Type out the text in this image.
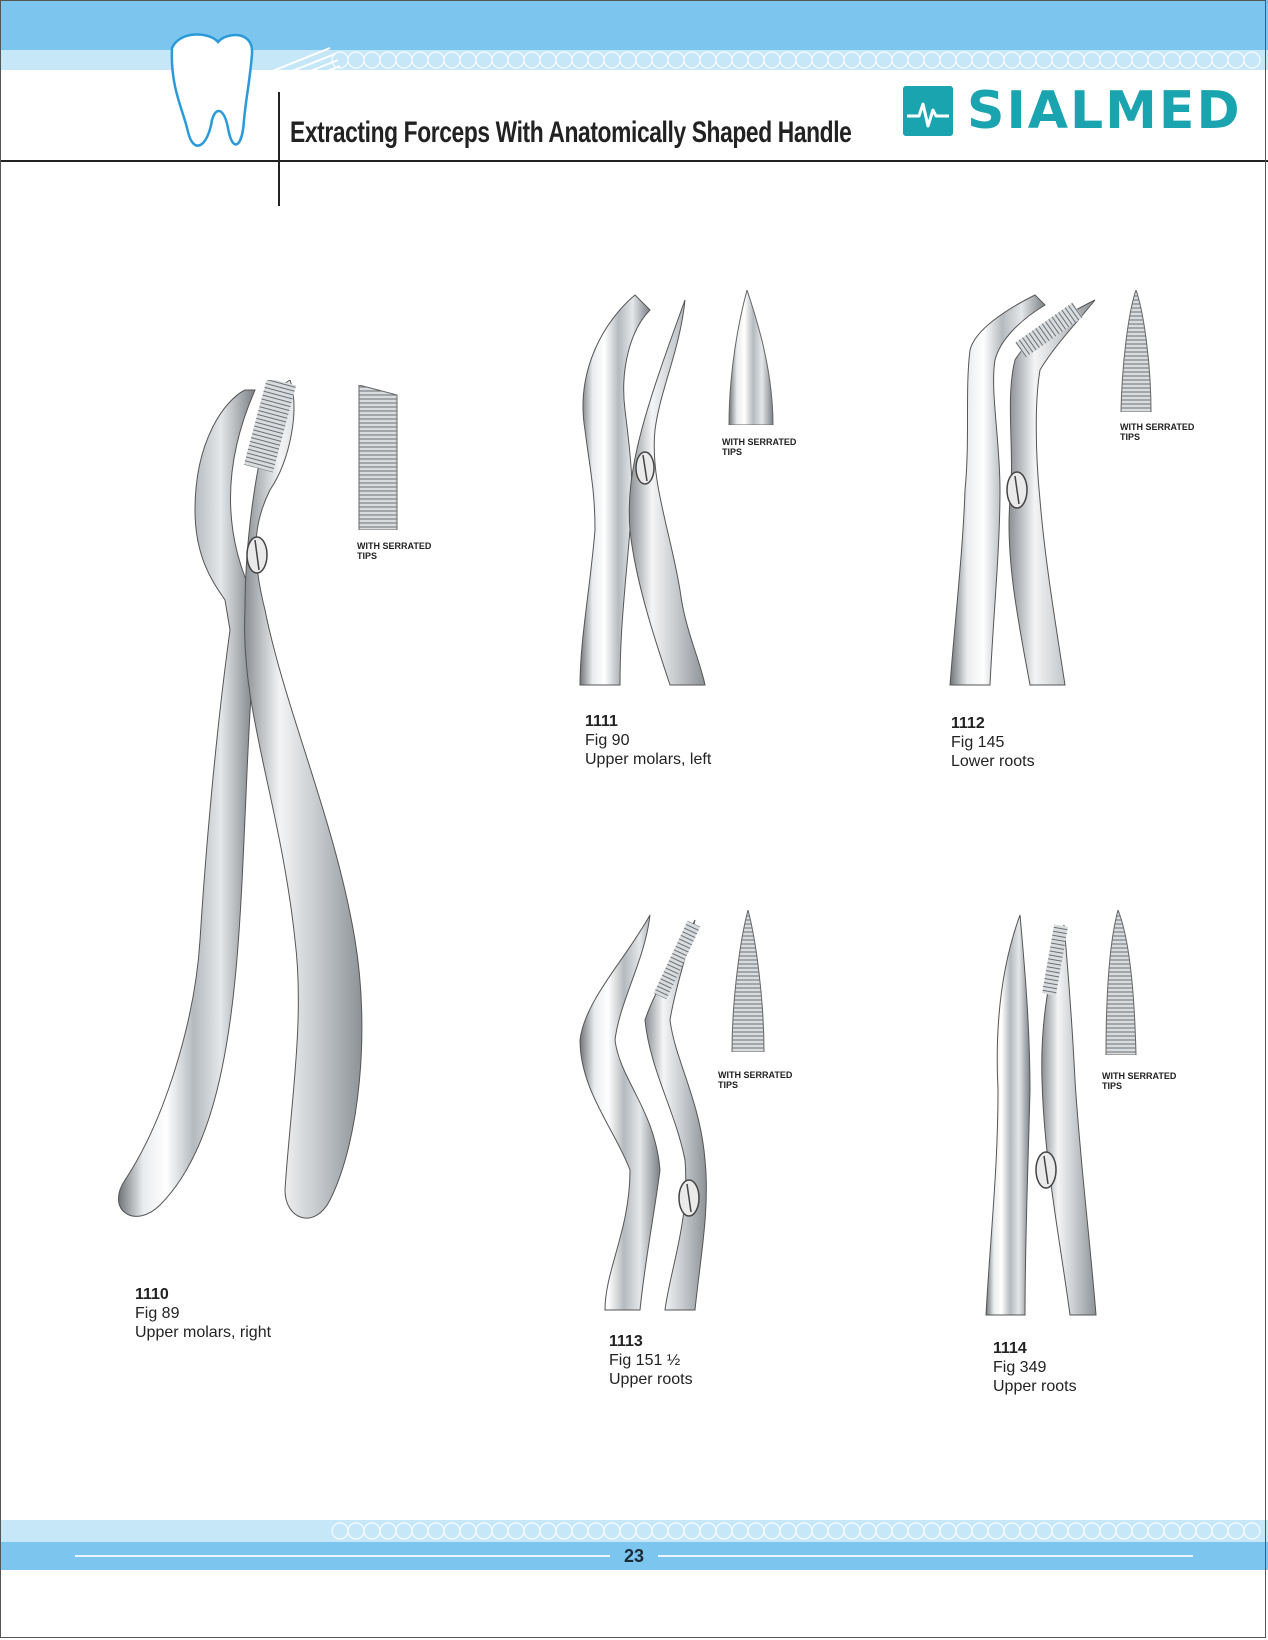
Extracting Forceps With Anatomically Shaped Handle SIALMED
WITH SERRATED
TIPS
1110
Fig 89
Upper molars, right
WITH SERRATED
TIPS
1111
Fig 90
Upper molars, left
WITH SERRATED
TIPS
1112
Fig 145
Lower roots
WITH SERRATED
TIPS
1113
Fig 151 ½
Upper roots
WITH SERRATED
TIPS
1114
Fig 349
Upper roots
23
